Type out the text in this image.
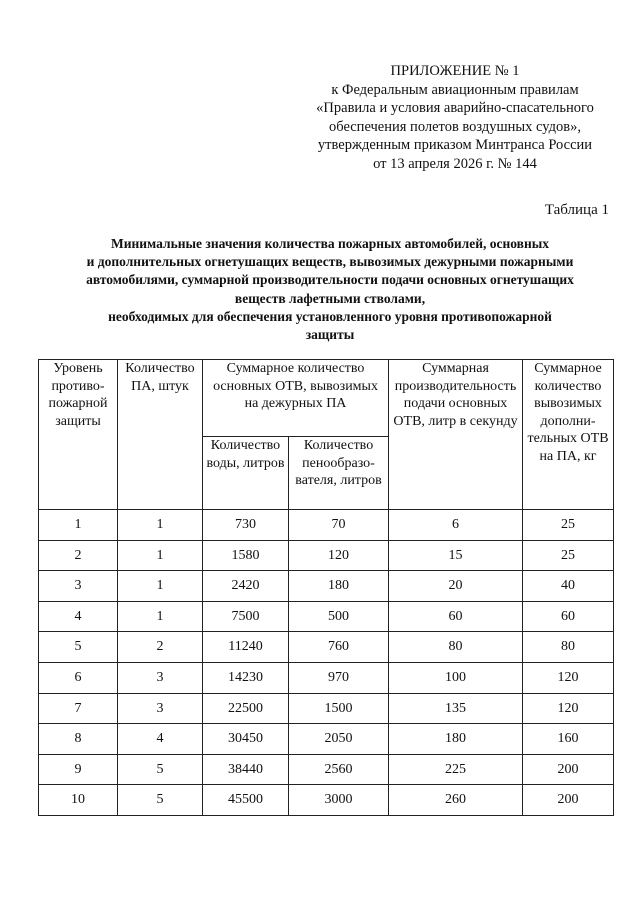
ПРИЛОЖЕНИЕ № 1
к Федеральным авиационным правилам
«Правила и условия аварийно-спасательного
обеспечения полетов воздушных судов»,
утвержденным приказом Минтранса России
от 13 апреля 2026 г. № 144
Таблица 1
Минимальные значения количества пожарных автомобилей, основных
и дополнительных огнетушащих веществ, вывозимых дежурными пожарными
автомобилями, суммарной производительности подачи основных огнетушащих
веществ лафетными стволами,
необходимых для обеспечения установленного уровня противопожарной
защиты
Уровень противо-пожарной защиты	Количество ПА, штук	Суммарное количество основных ОТВ, вывозимых на дежурных ПА		Суммарная производительность подачи основных ОТВ, литр в секунду	Суммарное количество вывозимых дополни-тельных ОТВ на ПА, кг
		Количество воды, литров	Количество пенообразо-вателя, литров		
1	1	730	70	6	25
2	1	1580	120	15	25
3	1	2420	180	20	40
4	1	7500	500	60	60
5	2	11240	760	80	80
6	3	14230	970	100	120
7	3	22500	1500	135	120
8	4	30450	2050	180	160
9	5	38440	2560	225	200
10	5	45500	3000	260	200
